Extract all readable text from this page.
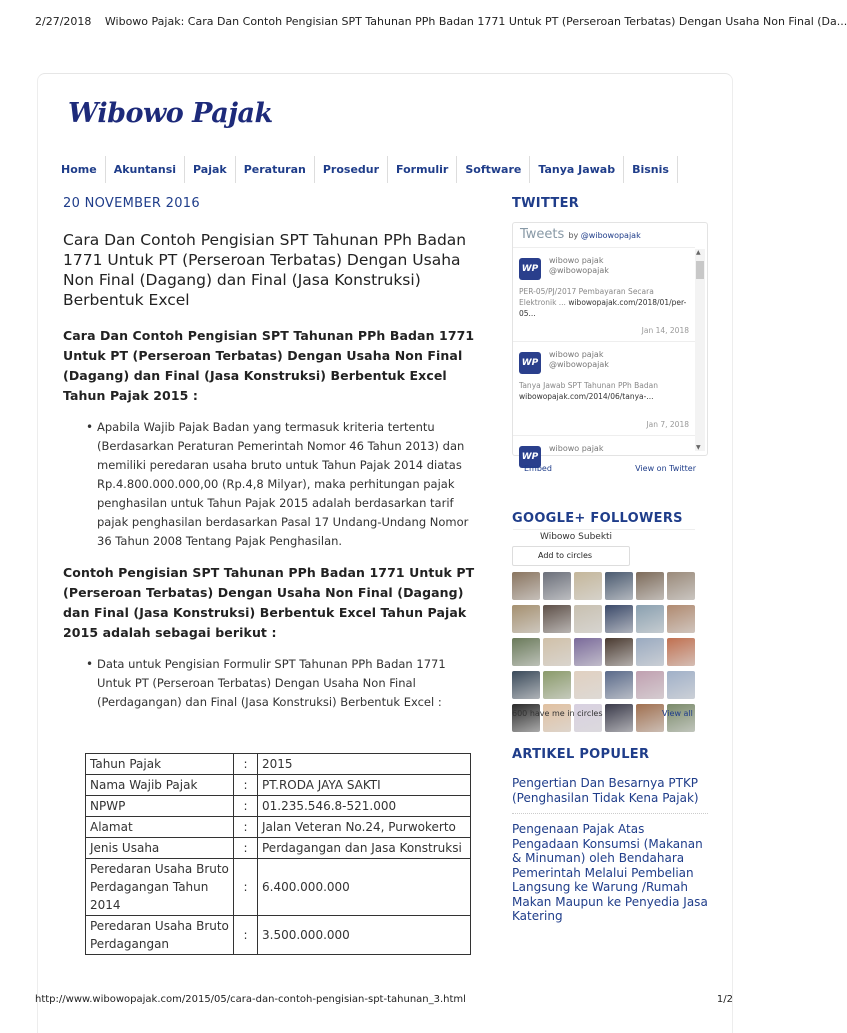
2/27/2018 Wibowo Pajak: Cara Dan Contoh Pengisian SPT Tahunan PPh Badan 1771 Untuk PT (Perseroan Terbatas) Dengan Usaha Non Final (Da...
Wibowo Pajak
Home	Akuntansi	Pajak	Peraturan	Prosedur	Formulir	Software	Tanya Jawab	Bisnis
20 NOVEMBER 2016
Cara Dan Contoh Pengisian SPT Tahunan PPh Badan 1771 Untuk PT (Perseroan Terbatas) Dengan Usaha Non Final (Dagang) dan Final (Jasa Konstruksi) Berbentuk Excel

Cara Dan Contoh Pengisian SPT Tahunan PPh Badan 1771 Untuk PT (Perseroan Terbatas) Dengan Usaha Non Final (Dagang) dan Final (Jasa Konstruksi) Berbentuk Excel Tahun Pajak 2015 :

• Apabila Wajib Pajak Badan yang termasuk kriteria tertentu (Berdasarkan Peraturan Pemerintah Nomor 46 Tahun 2013) dan memiliki peredaran usaha bruto untuk Tahun Pajak 2014 diatas Rp.4.800.000.000,00 (Rp.4,8 Milyar), maka perhitungan pajak penghasilan untuk Tahun Pajak 2015 adalah berdasarkan tarif pajak penghasilan berdasarkan Pasal 17 Undang-Undang Nomor 36 Tahun 2008 Tentang Pajak Penghasilan.

Contoh Pengisian SPT Tahunan PPh Badan 1771 Untuk PT (Perseroan Terbatas) Dengan Usaha Non Final (Dagang) dan Final (Jasa Konstruksi) Berbentuk Excel Tahun Pajak 2015 adalah sebagai berikut :

• Data untuk Pengisian Formulir SPT Tahunan PPh Badan 1771 Untuk PT (Perseroan Terbatas) Dengan Usaha Non Final (Perdagangan) dan Final (Jasa Konstruksi) Berbentuk Excel :
Tahun Pajak	:	2015
Nama Wajib Pajak	:	PT.RODA JAYA SAKTI
NPWP	:	01.235.546.8-521.000
Alamat	:	Jalan Veteran No.24, Purwokerto
Jenis Usaha	:	Perdagangan dan Jasa Konstruksi
Peredaran Usaha Bruto Perdagangan Tahun 2014	:	6.400.000.000
Peredaran Usaha Bruto Perdagangan	:	3.500.000.000
TWITTER
Tweets by @wibowopajak
WP
wibowo pajak
@wibowopajak
PER-05/PJ/2017 Pembayaran Secara Elektronik ... wibowopajak.com/2018/01/per-05...
Jan 14, 2018
WP
wibowo pajak
@wibowopajak
Tanya Jawab SPT Tahunan PPh Badan
wibowopajak.com/2014/06/tanya-...
Jan 7, 2018
WP
wibowo pajak
▲
▼
Embed	View on Twitter
GOOGLE+ FOLLOWERS
Wibowo Subekti
Add to circles
600 have me in circles	View all
ARTIKEL POPULER
Pengertian Dan Besarnya PTKP (Penghasilan Tidak Kena Pajak)
Pengenaan Pajak Atas Pengadaan Konsumsi (Makanan & Minuman) oleh Bendahara Pemerintah Melalui Pembelian Langsung ke Warung /Rumah Makan Maupun ke Penyedia Jasa Katering
http://www.wibowopajak.com/2015/05/cara-dan-contoh-pengisian-spt-tahunan_3.html	1/2
